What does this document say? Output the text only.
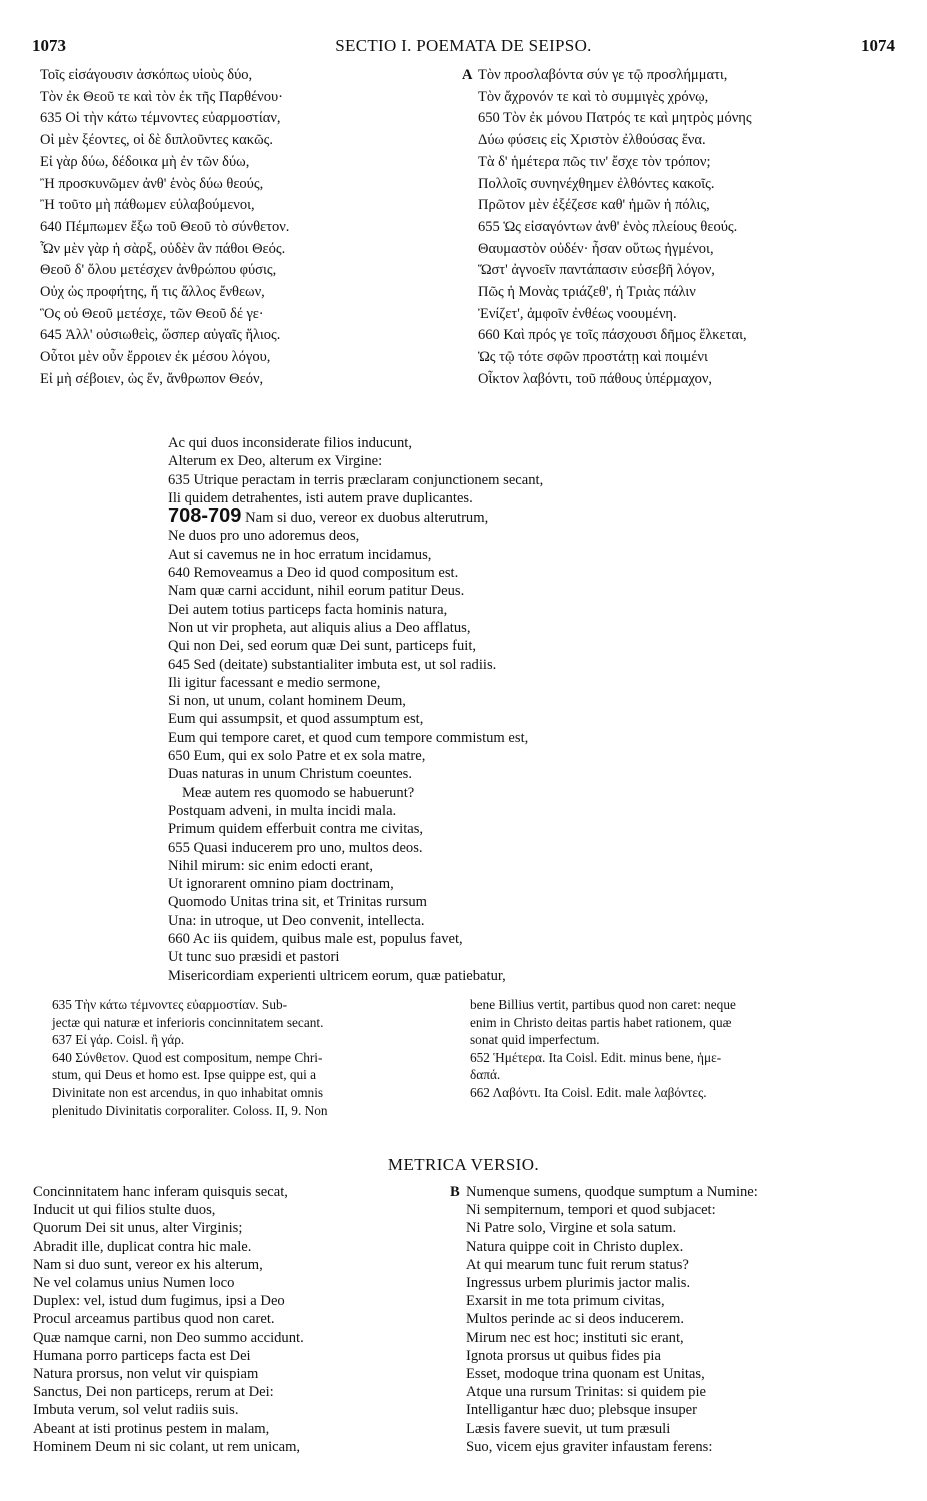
1073	SECTIO I. POEMATA DE SEIPSO.	1074
Τοῖς εἰσάγουσιν ἀσκόπως υἱοὺς δύο,
Τὸν ἐκ Θεοῦ τε καὶ τὸν ἐκ τῆς Παρθένου·
635 Οἱ τὴν κάτω τέμνοντες εὐαρμοστίαν,
Οἱ μὲν ξέοντες, οἱ δὲ διπλοῦντες κακῶς.
Εἰ γὰρ δύω, δέδοικα μὴ ἐν τῶν δύω,
Ἢ προσκυνῶμεν ἀνθ' ἑνὸς δύω θεούς,
Ἢ τοῦτο μὴ πάθωμεν εὐλαβούμενοι,
640 Πέμπωμεν ἔξω τοῦ Θεοῦ τὸ σύνθετον.
Ὧν μὲν γὰρ ἡ σὰρξ, οὐδὲν ἂν πάθοι Θεός.
Θεοῦ δ' ὅλου μετέσχεν ἀνθρώπου φύσις,
Οὐχ ὡς προφήτης, ἤ τις ἄλλος ἔνθεων,
Ὃς οὐ Θεοῦ μετέσχε, τῶν Θεοῦ δέ γε·
645 Ἀλλ' οὐσιωθεὶς, ὥσπερ αὐγαῖς ἥλιος.
Οὗτοι μὲν οὖν ἔρροιεν ἐκ μέσου λόγου,
Εἰ μὴ σέβοιεν, ὡς ἕν, ἄνθρωπον Θεόν,
A Τὸν προσλαβόντα σύν γε τῷ προσλήμματι,
Τὸν ἄχρονόν τε καὶ τὸ συμμιγὲς χρόνῳ,
650 Τὸν ἐκ μόνου Πατρός τε καὶ μητρὸς μόνης
Δύω φύσεις εἰς Χριστὸν ἐλθούσας ἕνα.
Τὰ δ' ἡμέτερα πῶς τιν' ἔσχε τὸν τρόπον;
Πολλοῖς συνηνέχθημεν ἐλθόντες κακοῖς.
Πρῶτον μὲν ἐξέζεσε καθ' ἡμῶν ἡ πόλις,
655 Ὡς εἰσαγόντων ἀνθ' ἑνὸς πλείους θεούς.
Θαυμαστὸν οὐδέν· ἦσαν οὕτως ἠγμένοι,
Ὥστ' ἀγνοεῖν παντάπασιν εὐσεβῆ λόγον,
Πῶς ἡ Μονὰς τριάζεθ', ἡ Τριὰς πάλιν
Ἐνίζετ', ἀμφοῖν ἐνθέως νοουμένη.
660 Καὶ πρός γε τοῖς πάσχουσι δῆμος ἕλκεται,
Ὡς τῷ τότε σφῶν προστάτῃ καὶ ποιμένι
Οἶκτον λαβόντι, τοῦ πάθους ὑπέρμαχον,
Ac qui duos inconsiderate filios inducunt,
Alterum ex Deo, alterum ex Virgine:
635 Utrique peractam in terris præclaram conjunctionem secant,
Ili quidem detrahentes, isti autem prave duplicantes.
708-709 Nam si duo, vereor ex duobus alterutrum,
Ne duos pro uno adoremus deos,
Aut si cavemus ne in hoc erratum incidamus,
640 Removeamus a Deo id quod compositum est.
Nam quæ carni accidunt, nihil eorum patitur Deus.
Dei autem totius particeps facta hominis natura,
Non ut vir propheta, aut aliquis alius a Deo afflatus,
Qui non Dei, sed eorum quæ Dei sunt, particeps fuit,
645 Sed (deitate) substantialiter imbuta est, ut sol radiis.
Ili igitur facessant e medio sermone,
Si non, ut unum, colant hominem Deum,
Eum qui assumpsit, et quod assumptum est,
Eum qui tempore caret, et quod cum tempore commistum est,
650 Eum, qui ex solo Patre et ex sola matre,
Duas naturas in unum Christum coeuntes.
Meæ autem res quomodo se habuerunt?
Postquam adveni, in multa incidi mala.
Primum quidem efferbuit contra me civitas,
655 Quasi inducerem pro uno, multos deos.
Nihil mirum: sic enim edocti erant,
Ut ignorarent omnino piam doctrinam,
Quomodo Unitas trina sit, et Trinitas rursum
Una: in utroque, ut Deo convenit, intellecta.
660 Ac iis quidem, quibus male est, populus favet,
Ut tunc suo præsidi et pastori
Misericordiam experienti ultricem eorum, quæ patiebatur,
635 Τὴν κάτω τέμνοντες εὐαρμοστίαν. Sub-
jectæ qui naturæ et inferioris concinnitatem secant.
637 Εἰ γάρ. Coisl. ἢ γάρ.
640 Σύνθετον. Quod est compositum, nempe Chri-
stum, qui Deus et homo est. Ipse quippe est, qui a
Divinitate non est arcendus, in quo inhabitat omnis
plenitudo Divinitatis corporaliter. Coloss. II, 9. Non
bene Billius vertit, partibus quod non caret: neque
enim in Christo deitas partis habet rationem, quæ
sonat quid imperfectum.
652 Ἡμέτερα. Ita Coisl. Edit. minus bene, ἡμε-
δαπά.
662 Λαβόντι. Ita Coisl. Edit. male λαβόντες.
METRICA VERSIO.
Concinnitatem hanc inferam quisquis secat,
Inducit ut qui filios stulte duos,
Quorum Dei sit unus, alter Virginis;
Abradit ille, duplicat contra hic male.
Nam si duo sunt, vereor ex his alterum,
Ne vel colamus unius Numen loco
Duplex: vel, istud dum fugimus, ipsi a Deo
Procul arceamus partibus quod non caret.
Quæ namque carni, non Deo summo accidunt.
Humana porro particeps facta est Dei
Natura prorsus, non velut vir quispiam
Sanctus, Dei non particeps, rerum at Dei:
Imbuta verum, sol velut radiis suis.
Abeant at isti protinus pestem in malam,
Hominem Deum ni sic colant, ut rem unicam,
B Numenque sumens, quodque sumptum a Numine:
Ni sempiternum, tempori et quod subjacet:
Ni Patre solo, Virgine et sola satum.
Natura quippe coit in Christo duplex.
At qui mearum tunc fuit rerum status?
Ingressus urbem plurimis jactor malis.
Exarsit in me tota primum civitas,
Multos perinde ac si deos inducerem.
Mirum nec est hoc; instituti sic erant,
Ignota prorsus ut quibus fides pia
Esset, modoque trina quonam est Unitas,
Atque una rursum Trinitas: si quidem pie
Intelligantur hæc duo; plebsque insuper
Læsis favere suevit, ut tum præsuli
Suo, vicem ejus graviter infaustam ferens:
